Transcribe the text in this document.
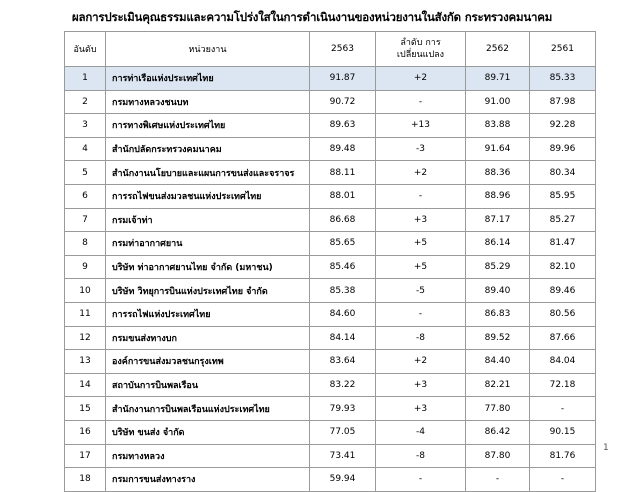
ผลการประเมินคุณธรรมและความโปร่งใสในการดำเนินงานของหน่วยงานในสังกัด กระทรวงคมนาคม
อันดับ	หน่วยงาน	2563	ลำดับ การเปลี่ยนแปลง	2562	2561
1	การท่าเรือแห่งประเทศไทย	91.87	+2	89.71	85.33
2	กรมทางหลวงชนบท	90.72	-	91.00	87.98
3	การทางพิเศษแห่งประเทศไทย	89.63	+13	83.88	92.28
4	สำนักปลัดกระทรวงคมนาคม	89.48	-3	91.64	89.96
5	สำนักงานนโยบายและแผนการขนส่งและจราจร	88.11	+2	88.36	80.34
6	การรถไฟขนส่งมวลชนแห่งประเทศไทย	88.01	-	88.96	85.95
7	กรมเจ้าท่า	86.68	+3	87.17	85.27
8	กรมท่าอากาศยาน	85.65	+5	86.14	81.47
9	บริษัท ท่าอากาศยานไทย จำกัด (มหาชน)	85.46	+5	85.29	82.10
10	บริษัท วิทยุการบินแห่งประเทศไทย จำกัด	85.38	-5	89.40	89.46
11	การรถไฟแห่งประเทศไทย	84.60	-	86.83	80.56
12	กรมขนส่งทางบก	84.14	-8	89.52	87.66
13	องค์การขนส่งมวลชนกรุงเทพ	83.64	+2	84.40	84.04
14	สถาบันการบินพลเรือน	83.22	+3	82.21	72.18
15	สำนักงานการบินพลเรือนแห่งประเทศไทย	79.93	+3	77.80	-
16	บริษัท ขนส่ง จำกัด	77.05	-4	86.42	90.15
17	กรมทางหลวง	73.41	-8	87.80	81.76
18	กรมการขนส่งทางราง	59.94	-	-	-
1
